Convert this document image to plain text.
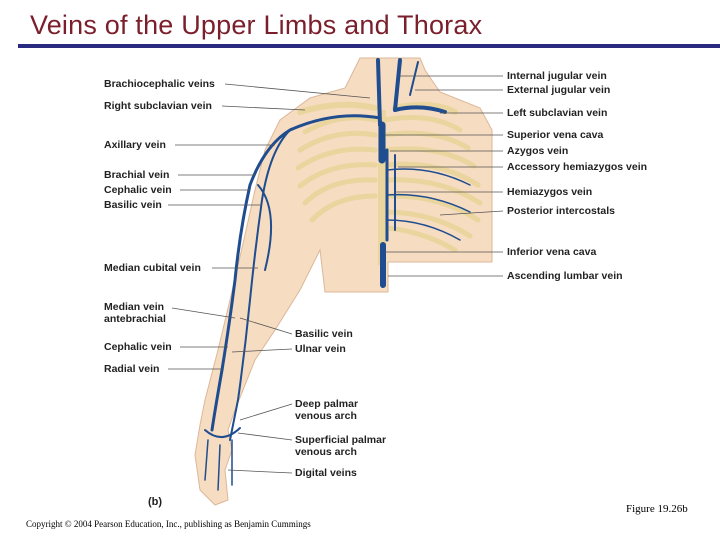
Veins of the Upper Limbs and Thorax
Brachiocephalic veins
Right subclavian vein
Axillary vein
Brachial vein
Cephalic vein
Basilic vein
Median cubital vein
Median vein antebrachial
Cephalic vein
Radial vein
Internal jugular vein
External jugular vein
Left subclavian vein
Superior vena cava
Azygos vein
Accessory hemiazygos vein
Hemiazygos vein
Posterior intercostals
Inferior vena cava
Ascending lumbar vein
Basilic vein
Ulnar vein
Deep palmar venous arch
Superficial palmar venous arch
Digital veins
(b)
Figure 19.26b
Copyright © 2004 Pearson Education, Inc., publishing as Benjamin Cummings
